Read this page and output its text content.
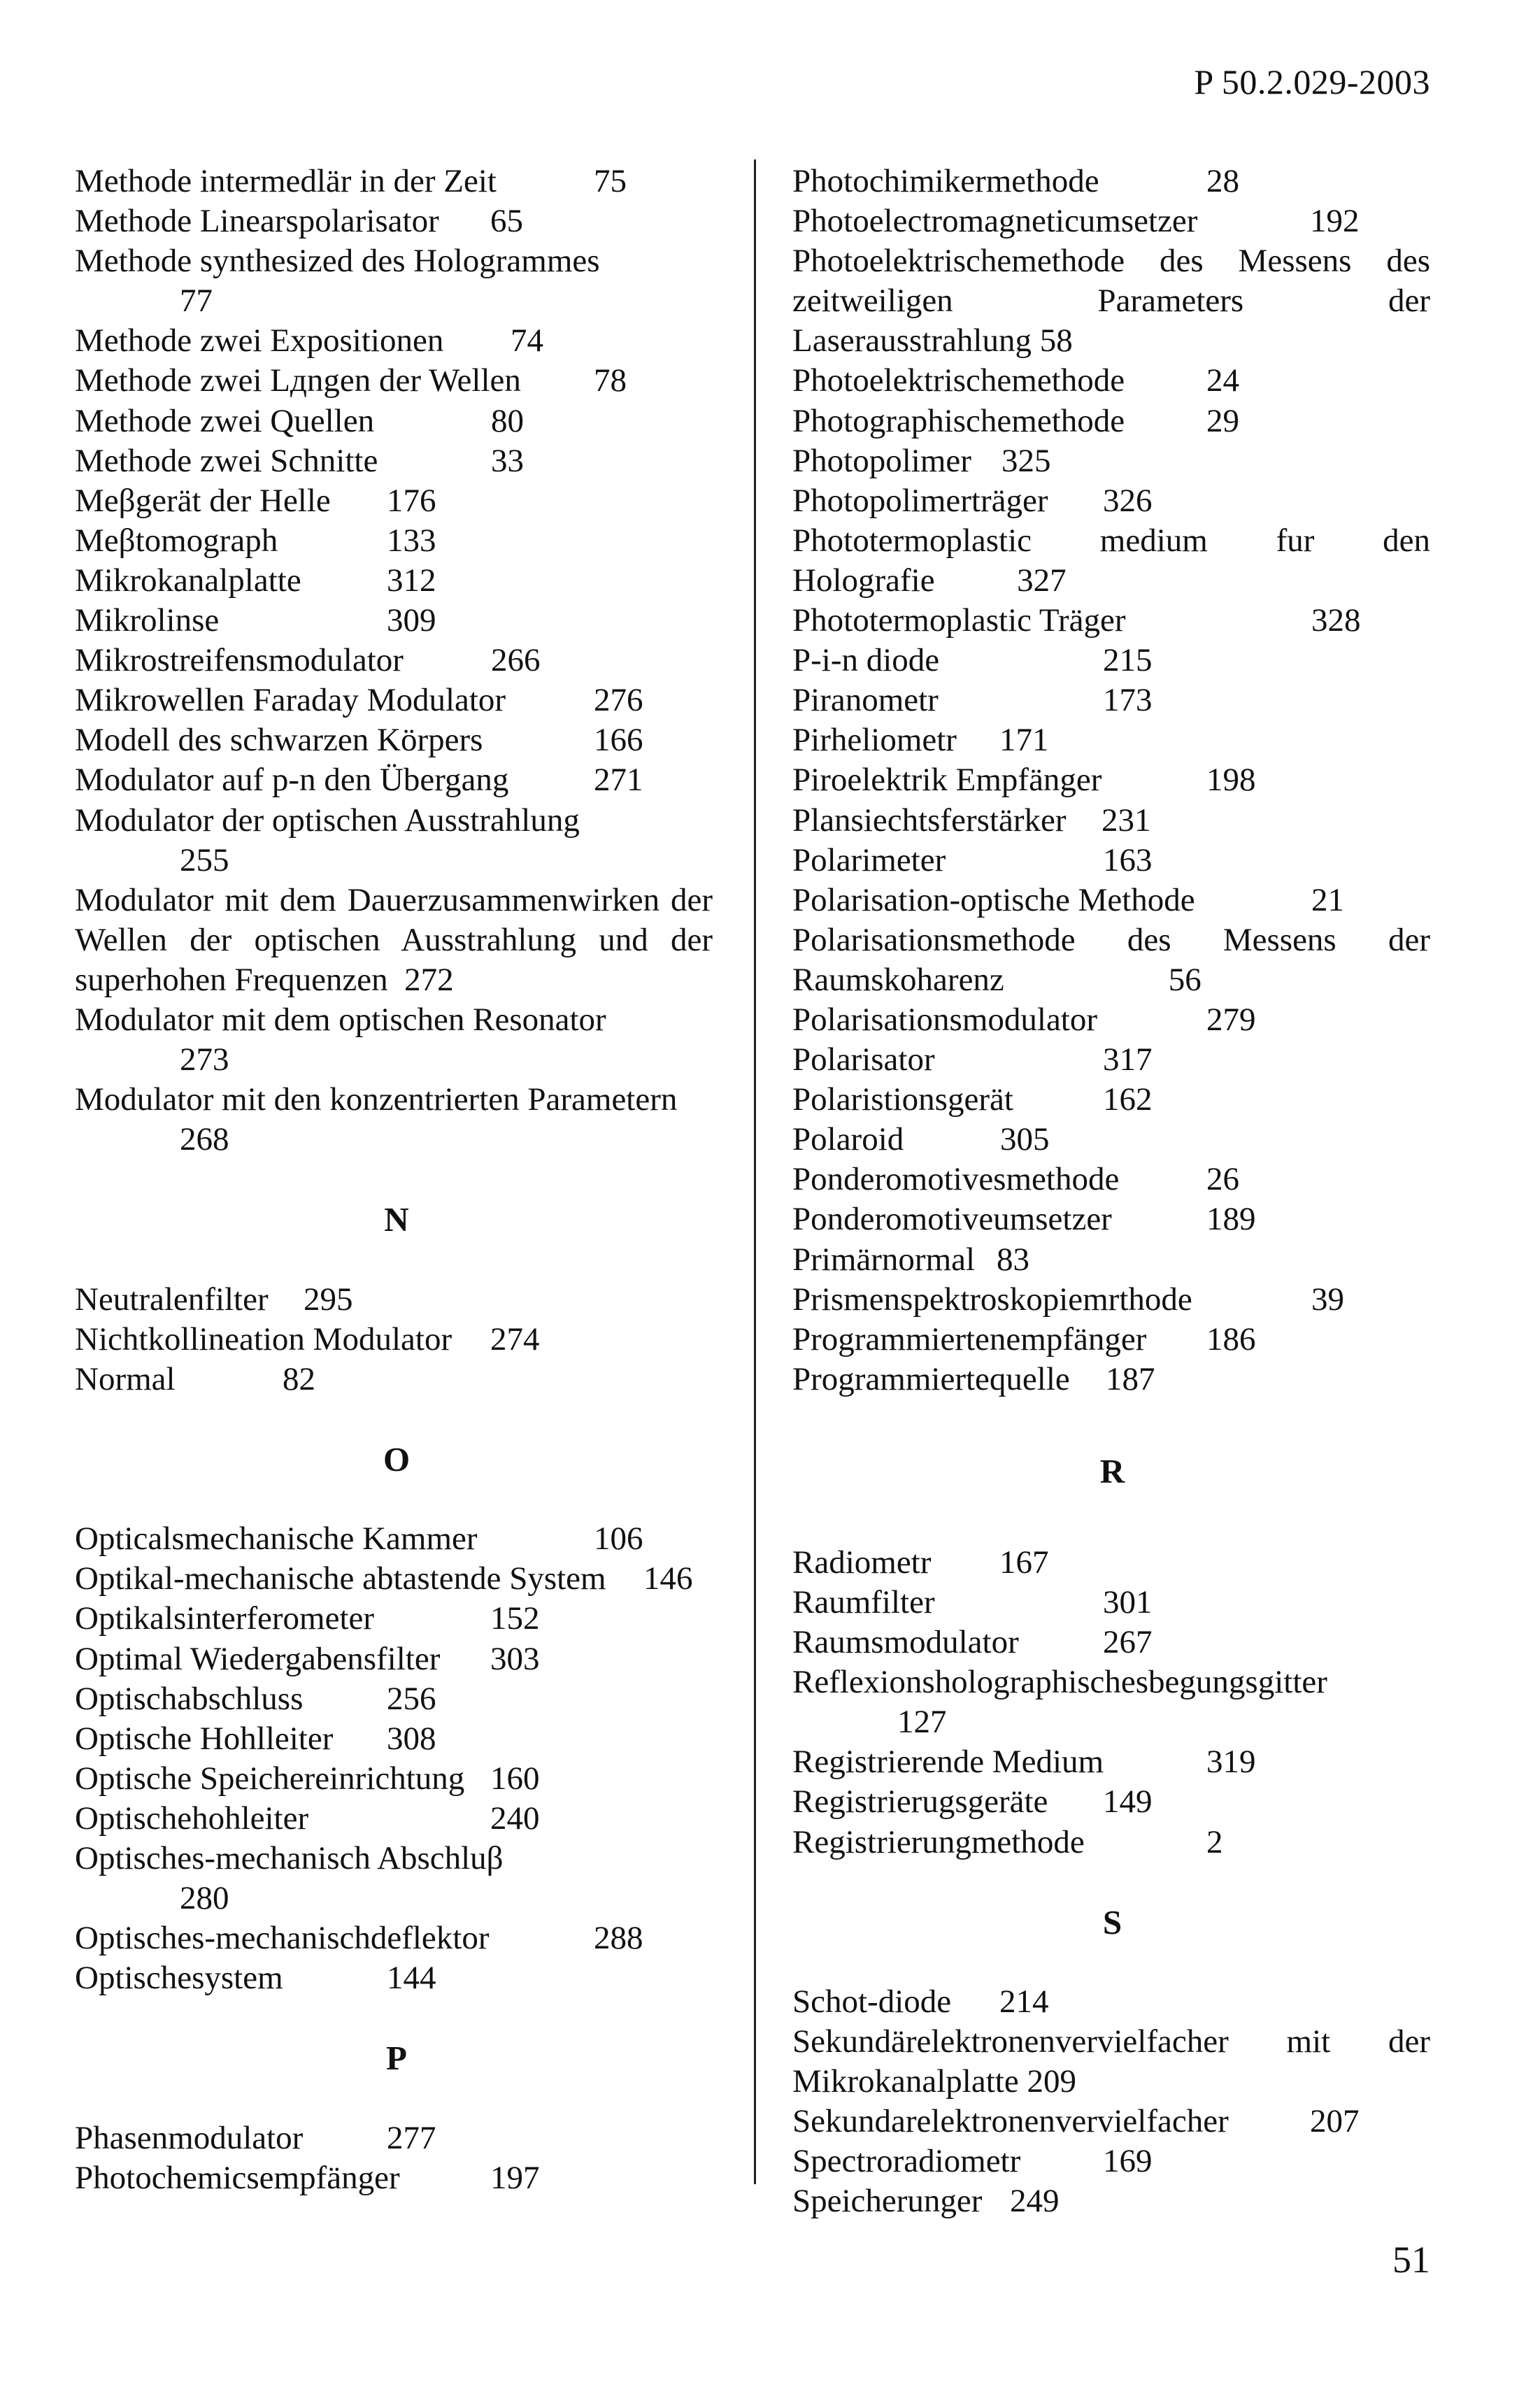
P 50.2.029-2003
Methode intermedlär in der Zeit	75
Methode Linearspolarisator 65
Methode synthesized des Hologrammes
77
Methode zwei Expositionen 74
Methode zwei Lдngen der Wellen 78
Methode zwei Quellen	80
Methode zwei Schnitte	33
Meβgerät der Helle 176
Meβtomograph	133
Mikrokanalplatte	312
Mikrolinse	309
Mikrostreifensmodulator	266
Mikrowellen Faraday Modulator	276
Modell des schwarzen Körpers	166
Modulator auf p-n den Übergang	271
Modulator der optischen Ausstrahlung
255
Modulator mit dem Dauerzusammenwirken der Wellen der optischen Ausstrahlung und der superhohen Frequenzen 272
Modulator mit dem optischen Resonator
273
Modulator mit den konzentrierten Parametern
268
N
Neutralenfilter 295
Nichtkollineation Modulator 274
Normal	82
O
Opticalsmechanische Kammer	106
Optikal-mechanische abtastende System 146
Optikalsinterferometer	152
Optimal Wiedergabensfilter 303
Optischabschluss	256
Optische Hohlleiter 308
Optische Speichereinrichtung 160
Optischehohleiter	240
Optisches-mechanisch Abschluβ
280
Optisches-mechanischdeflektor	288
Optischesystem	144
P
Phasenmodulator	277
Photochemicsempfänger	197
Photochimikermethode	28
Photoelectromagneticumsetzer	192
Photoelektrischemethode des Messens des zeitweiligen Parameters der Laserausstrahlung 58
Photoelektrischemethode 24
Photographischemethode 29
Photopolimer 325
Photopolimerträger 326
Phototermoplastic medium fur den Holografie	327
Phototermoplastic Träger	328
P-i-n diode	215
Piranometr	173
Pirheliometr 171
Piroelektrik Empfänger	198
Plansiechtsferstärker 231
Polarimeter	163
Polarisation-optische Methode	21
Polarisationsmethode des Messens der Raumskoharenz	56
Polarisationsmodulator	279
Polarisator	317
Polaristionsgerät	162
Polaroid	305
Ponderomotivesmethode	26
Ponderomotiveumsetzer	189
Primärnormal 83
Prismenspektroskopiemrthode	39
Programmiertenempfänger 186
Programmiertequelle 187
R
Radiometr 167
Raumfilter	301
Raumsmodulator	267
Reflexionsholographischesbegungsgitter
127
Registrierende Medium	319
Registrierugsgeräte 149
Registrierungmethode	2
S
Schot-diode 214
Sekundärelektronenvervielfacher mit der Mikrokanalplatte 209
Sekundarelektronenvervielfacher 207
Spectroradiometr	169
Speicherunger 249
51
